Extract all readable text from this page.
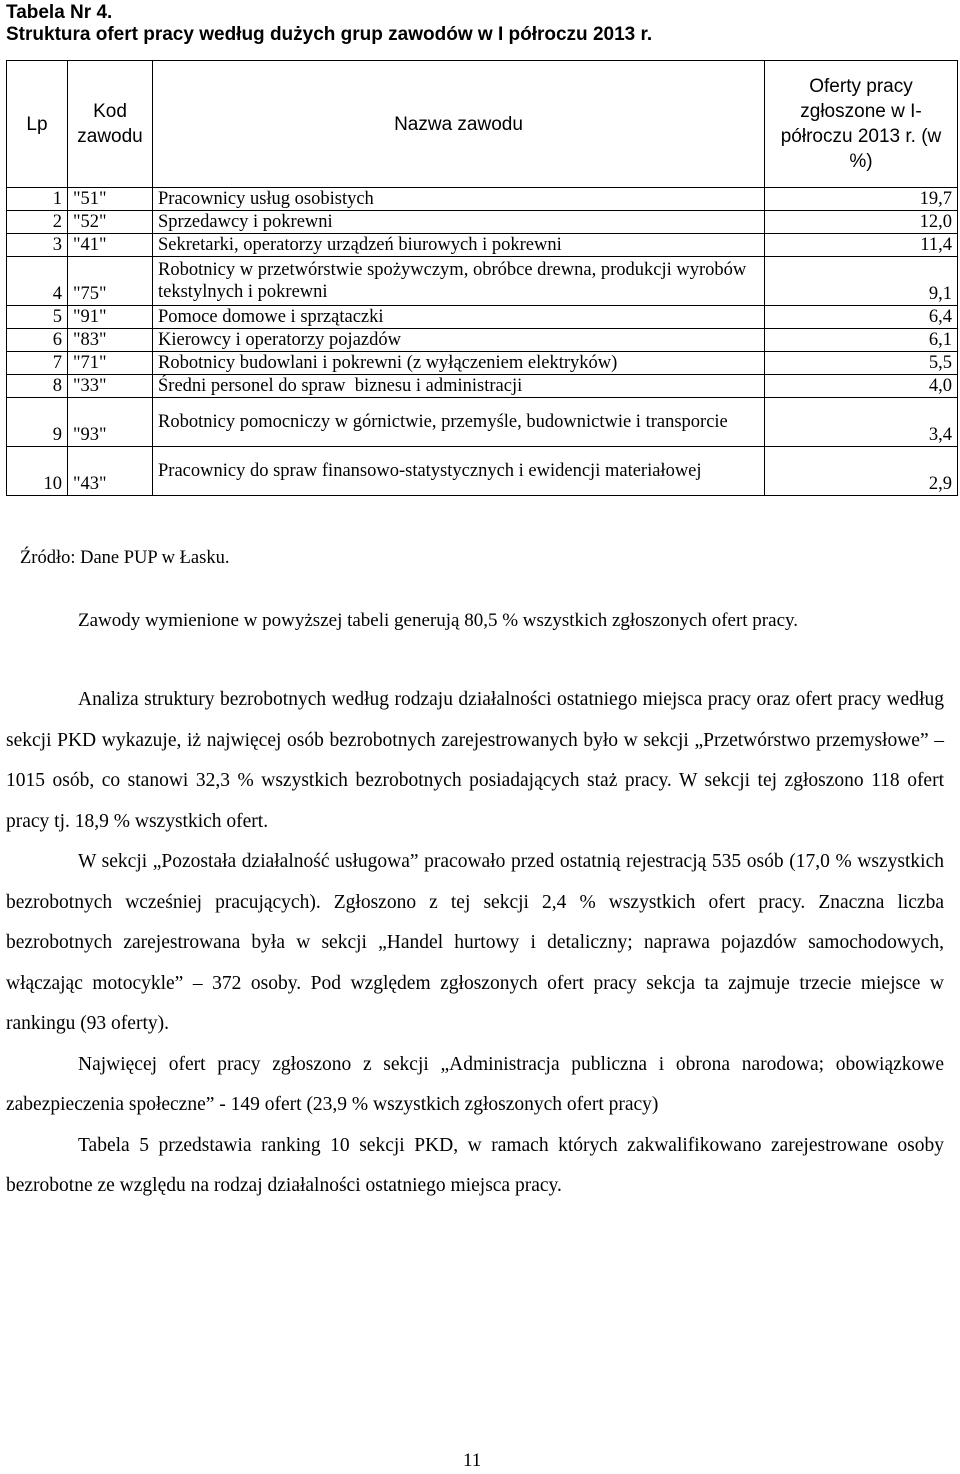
Tabela Nr 4.
Struktura ofert pracy według dużych grup zawodów w I półroczu 2013 r.
Lp	Kod zawodu	Nazwa zawodu	Oferty pracy zgłoszone w I-półroczu 2013 r. (w %)
1	"51"	Pracownicy usług osobistych	19,7
2	"52"	Sprzedawcy i pokrewni	12,0
3	"41"	Sekretarki, operatorzy urządzeń biurowych i pokrewni	11,4
4	"75"	Robotnicy w przetwórstwie spożywczym, obróbce drewna, produkcji wyrobów tekstylnych i pokrewni	9,1
5	"91"	Pomoce domowe i sprzątaczki	6,4
6	"83"	Kierowcy i operatorzy pojazdów	6,1
7	"71"	Robotnicy budowlani i pokrewni (z wyłączeniem elektryków)	5,5
8	"33"	Średni personel do spraw  biznesu i administracji	4,0
9	"93"	Robotnicy pomocniczy w górnictwie, przemyśle, budownictwie i transporcie	3,4
10	"43"	Pracownicy do spraw finansowo-statystycznych i ewidencji materiałowej	2,9
Źródło: Dane PUP w Łasku.
Zawody wymienione w powyższej tabeli generują 80,5 % wszystkich zgłoszonych ofert pracy.

Analiza struktury bezrobotnych według rodzaju działalności ostatniego miejsca pracy oraz ofert pracy według sekcji PKD wykazuje, iż najwięcej osób bezrobotnych zarejestrowanych było w sekcji „Przetwórstwo przemysłowe” – 1015 osób, co stanowi 32,3 % wszystkich bezrobotnych posiadających staż pracy. W sekcji tej zgłoszono 118 ofert pracy tj. 18,9 % wszystkich ofert.

W sekcji „Pozostała działalność usługowa” pracowało przed ostatnią rejestracją 535 osób (17,0 % wszystkich bezrobotnych wcześniej pracujących). Zgłoszono z tej sekcji 2,4 % wszystkich ofert pracy. Znaczna liczba bezrobotnych zarejestrowana była w sekcji „Handel hurtowy i detaliczny; naprawa pojazdów samochodowych, włączając motocykle” – 372 osoby. Pod względem zgłoszonych ofert pracy sekcja ta zajmuje trzecie miejsce w rankingu (93 oferty).

Najwięcej ofert pracy zgłoszono z sekcji „Administracja publiczna i obrona narodowa; obowiązkowe zabezpieczenia społeczne” - 149 ofert (23,9 % wszystkich zgłoszonych ofert pracy)

Tabela 5 przedstawia ranking 10 sekcji PKD, w ramach których zakwalifikowano zarejestrowane osoby bezrobotne ze względu na rodzaj działalności ostatniego miejsca pracy.

11
